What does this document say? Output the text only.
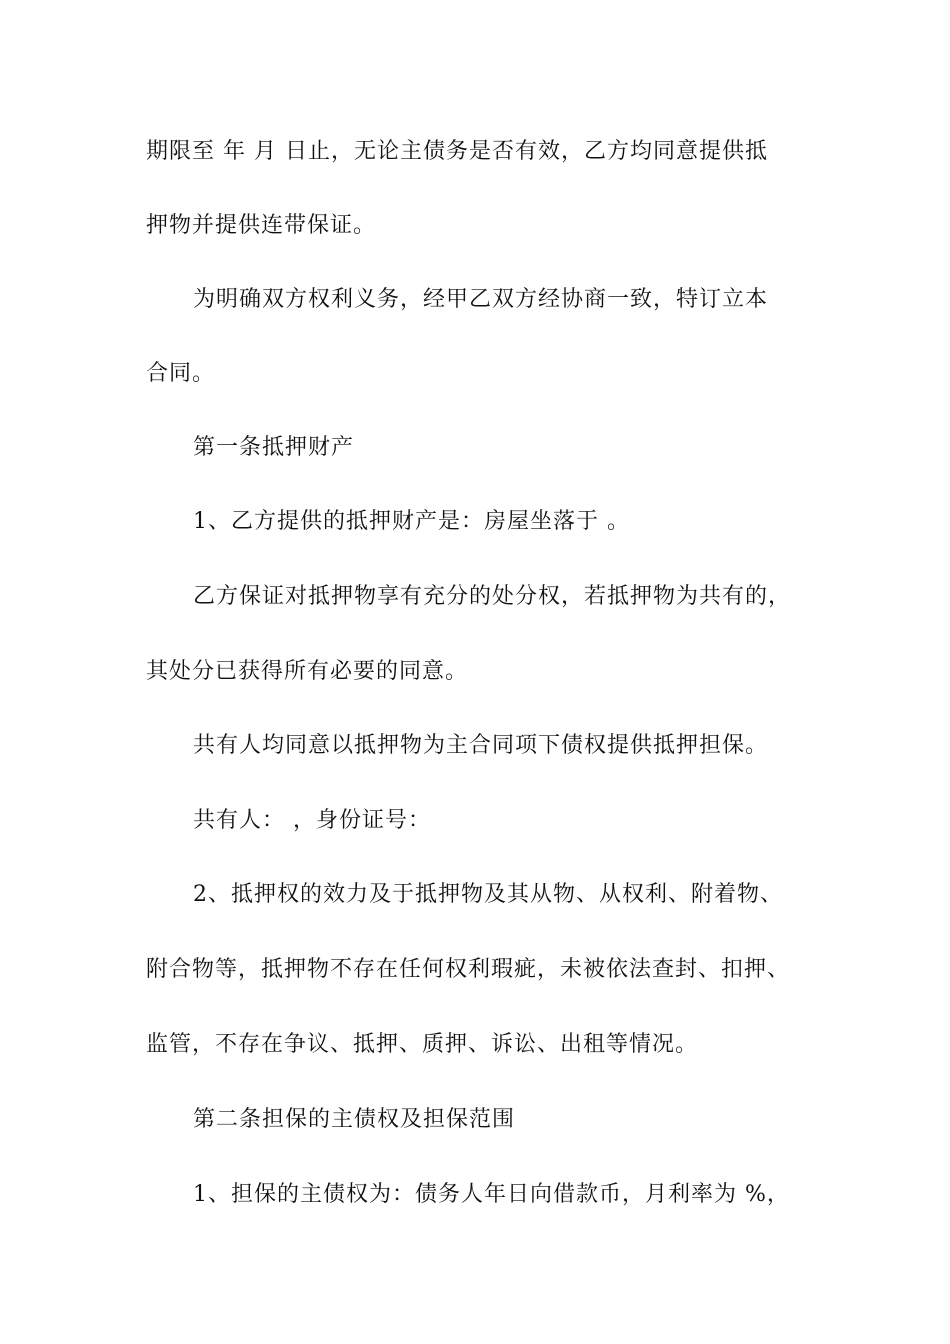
期限至 年 月 日止，无论主债务是否有效，乙方均同意提供抵
押物并提供连带保证。
为明确双方权利义务，经甲乙双方经协商一致，特订立本
合同。
第一条抵押财产
1、乙方提供的抵押财产是：房屋坐落于 。
乙方保证对抵押物享有充分的处分权，若抵押物为共有的，
其处分已获得所有必要的同意。
共有人均同意以抵押物为主合同项下债权提供抵押担保。
共有人： ，身份证号：
2、抵押权的效力及于抵押物及其从物、从权利、附着物、
附合物等，抵押物不存在任何权利瑕疵，未被依法查封、扣押、
监管，不存在争议、抵押、质押、诉讼、出租等情况。
第二条担保的主债权及担保范围
1、担保的主债权为：债务人年日向借款币，月利率为 %，
